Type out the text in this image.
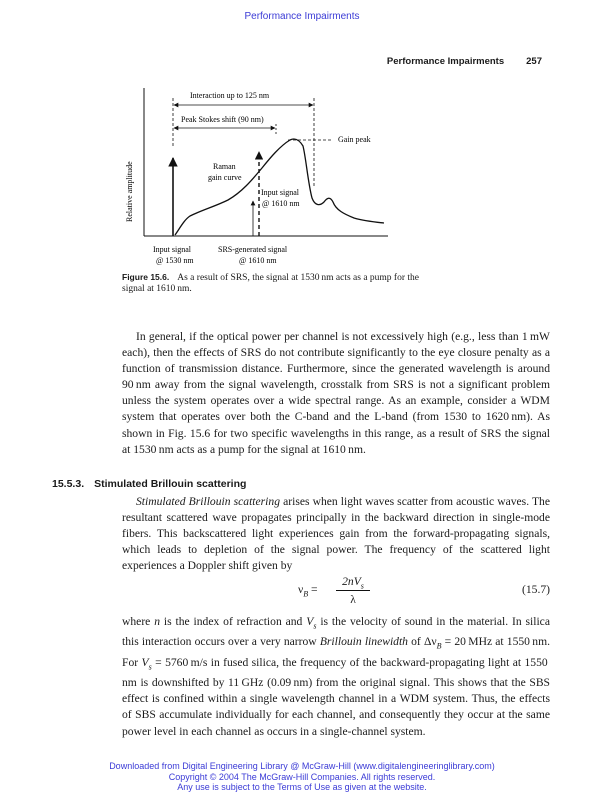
Performance Impairments
Performance Impairments 257
Interaction up to 125 nm
Peak Stokes shift (90 nm)
Gain peak
Raman
gain curve
Input signal
@ 1610 nm
Relative amplitude
Input signal
@ 1530 nm
SRS-generated signal
@ 1610 nm
Figure 15.6. As a result of SRS, the signal at 1530 nm acts as a pump for the signal at 1610 nm.

In general, if the optical power per channel is not excessively high (e.g., less than 1 mW each), then the effects of SRS do not contribute significantly to the eye closure penalty as a function of transmission distance. Furthermore, since the generated wavelength is around 90 nm away from the signal wavelength, crosstalk from SRS is not a significant problem unless the system operates over a wide spectral range. As an example, consider a WDM system that operates over both the C-band and the L-band (from 1530 to 1620 nm). As shown in Fig. 15.6 for two specific wavelengths in this range, as a result of SRS the signal at 1530 nm acts as a pump for the signal at 1610 nm.

15.5.3. Stimulated Brillouin scattering

Stimulated Brillouin scattering arises when light waves scatter from acoustic waves. The resultant scattered wave propagates principally in the backward direction in single-mode fibers. This backscattered light experiences gain from the forward-propagating signals, which leads to depletion of the signal power. The frequency of the scattered light experiences a Doppler shift given by

$\nu_B$ =
$2nV_s$
λ
(15.7)

where n is the index of refraction and $V_s$ is the velocity of sound in the material. In silica this interaction occurs over a very narrow Brillouin linewidth of $\Delta\nu_B = 20$ MHz at 1550 nm. For $V_s = 5760$ m/s in fused silica, the frequency of the backward-propagating light at 1550 nm is downshifted by 11 GHz (0.09 nm) from the original signal. This shows that the SBS effect is confined within a single wavelength channel in a WDM system. Thus, the effects of SBS accumulate individually for each channel, and consequently they occur at the same power level in each channel as occurs in a single-channel system.

Downloaded from Digital Engineering Library @ McGraw-Hill (www.digitalengineeringlibrary.com)
Copyright © 2004 The McGraw-Hill Companies. All rights reserved.
Any use is subject to the Terms of Use as given at the website.
